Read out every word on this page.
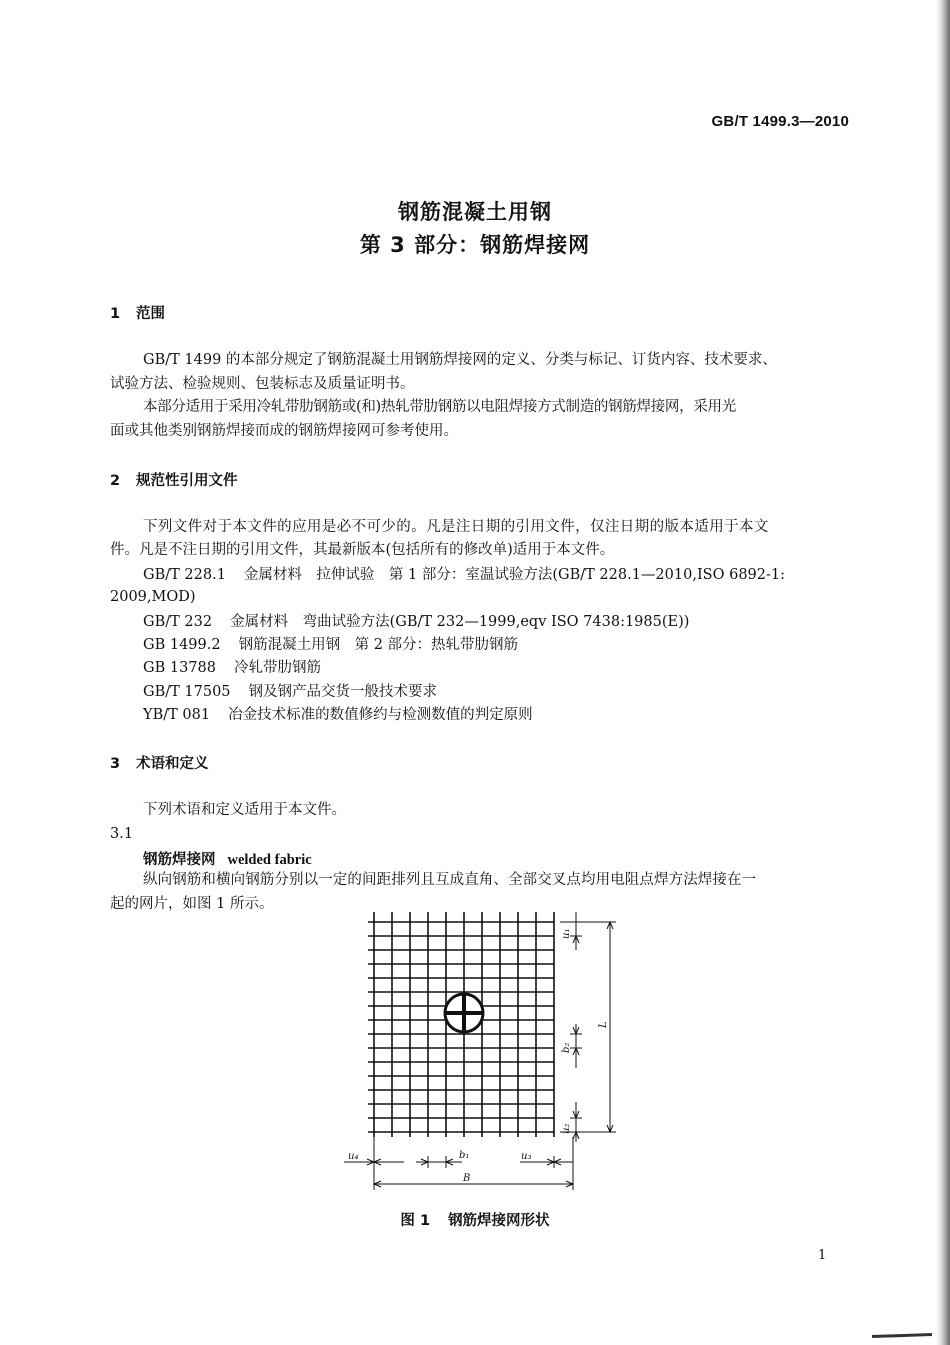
GB/T 1499.3—2010
钢筋混凝土用钢
第 3 部分：钢筋焊接网
1 范围
GB/T 1499 的本部分规定了钢筋混凝土用钢筋焊接网的定义、分类与标记、订货内容、技术要求、
试验方法、检验规则、包装标志及质量证明书。
本部分适用于采用冷轧带肋钢筋或(和)热轧带肋钢筋以电阻焊接方式制造的钢筋焊接网，采用光
面或其他类别钢筋焊接而成的钢筋焊接网可参考使用。
2 规范性引用文件
下列文件对于本文件的应用是必不可少的。凡是注日期的引用文件，仅注日期的版本适用于本文
件。凡是不注日期的引用文件，其最新版本(包括所有的修改单)适用于本文件。
GB/T 228.1 金属材料　拉伸试验　第 1 部分：室温试验方法(GB/T 228.1—2010,ISO 6892-1:
2009,MOD)
GB/T 232 金属材料　弯曲试验方法(GB/T 232—1999,eqv ISO 7438:1985(E))
GB 1499.2 钢筋混凝土用钢　第 2 部分：热轧带肋钢筋
GB 13788 冷轧带肋钢筋
GB/T 17505 钢及钢产品交货一般技术要求
YB/T 081 冶金技术标准的数值修约与检测数值的判定原则
3 术语和定义
下列术语和定义适用于本文件。
3.1
钢筋焊接网 welded fabric
纵向钢筋和横向钢筋分别以一定的间距排列且互成直角、全部交叉点均用电阻点焊方法焊接在一
起的网片，如图 1 所示。
u₁
b₂
L
u₂
u₄	b₁	u₃
B
图 1 钢筋焊接网形状
1
